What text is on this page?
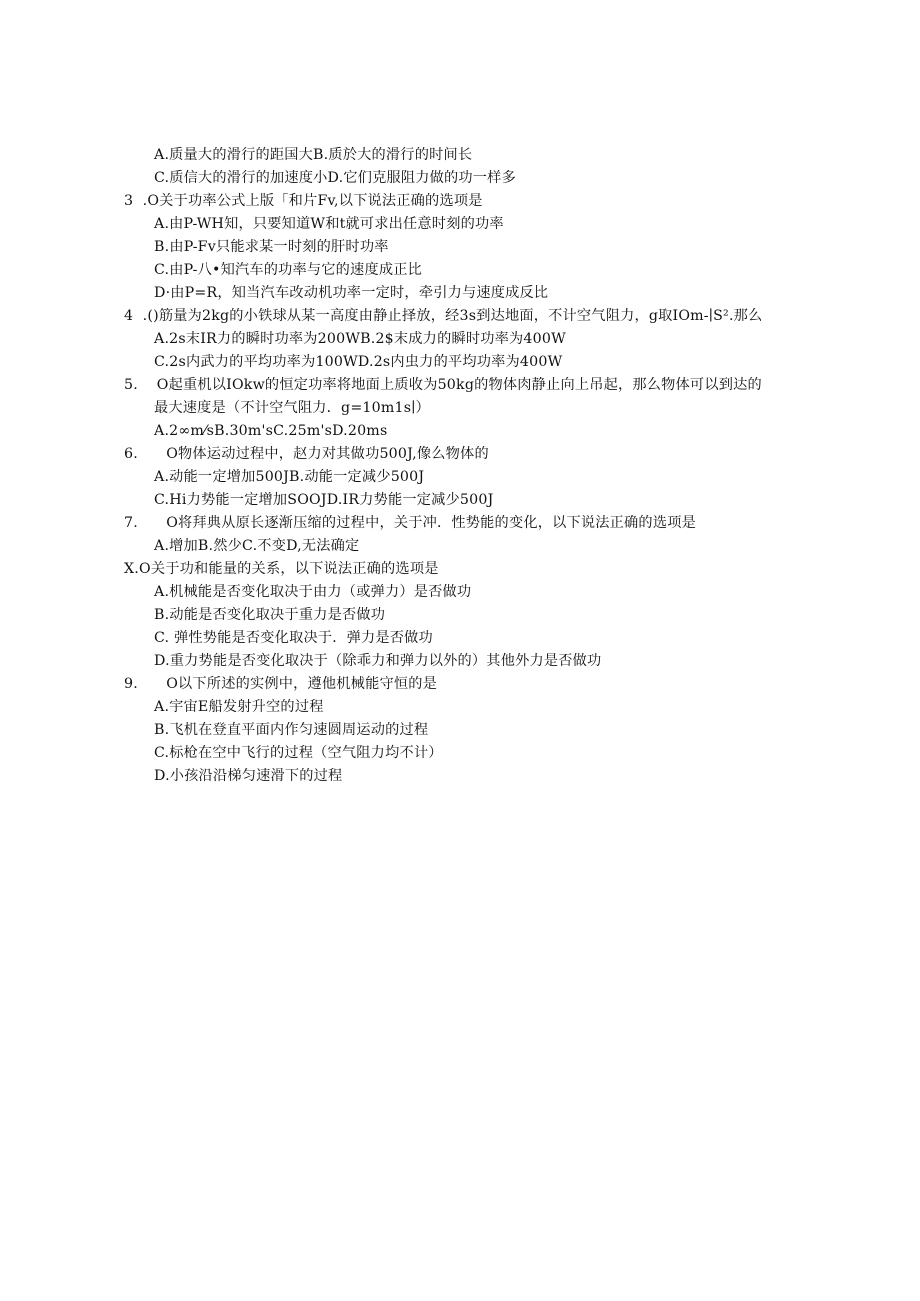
A.质量大的滑行的距国大B.质於大的滑行的时间长
C.质信大的滑行的加速度小D.它们克服阻力做的功一样多
3  .O关于功率公式上版「和片Fv,以下说法正确的选项是
A.由P-WH知，只要知道W和t就可求出任意时刻的功率
B.由P-Fv只能求某一时刻的肝时功率
C.由P-八•知汽车的功率与它的速度成正比
D·由P=R，知当汽车改动机功率一定时，牵引力与速度成反比
4  .()筋量为2kg的小铁球从某一高度由静止择放，经3s到达地面，不计空气阻力，g取IOm-∣S².那么
A.2s末IR力的瞬时功率为200WB.2$末成力的瞬时功率为400W
C.2s内武力的平均功率为100WD.2s内虫力的平均功率为400W
5.    O起重机以IOkw的恒定功率将地面上质收为50kg的物体肉静止向上吊起，那么物体可以到达的
最大速度是（不计空气阻力．g=10m1s∣）
A.2∞m⁄sB.30m'sC.25m'sD.20ms
6.      O物体运动过程中，赵力对其做功500J,像么物体的
A.动能一定增加500JB.动能一定减少500J
C.Hi力势能一定增加SOOJD.IR力势能一定减少500J
7.      O将拜典从原长逐渐压缩的过程中，关于冲．性势能的变化，以下说法正确的选项是
A.增加B.然少C.不变D,无法确定
X.O关于功和能量的关系，以下说法正确的选项是
A.机械能是否变化取决于由力（或弹力）是否做功
B.动能是否变化取决于重力是否做功
C. 弹性势能是否变化取决于．弹力是否做功
D.重力势能是否变化取决于（除乖力和弹力以外的）其他外力是否做功
9.      O以下所述的实例中，遵他机械能守恒的是
A.宇宙E船发射升空的过程
B.飞机在登直平面内作匀速圆周运动的过程
C.标枪在空中飞行的过程（空气阻力均不计）
D.小孩沿沿梯匀速滑下的过程
